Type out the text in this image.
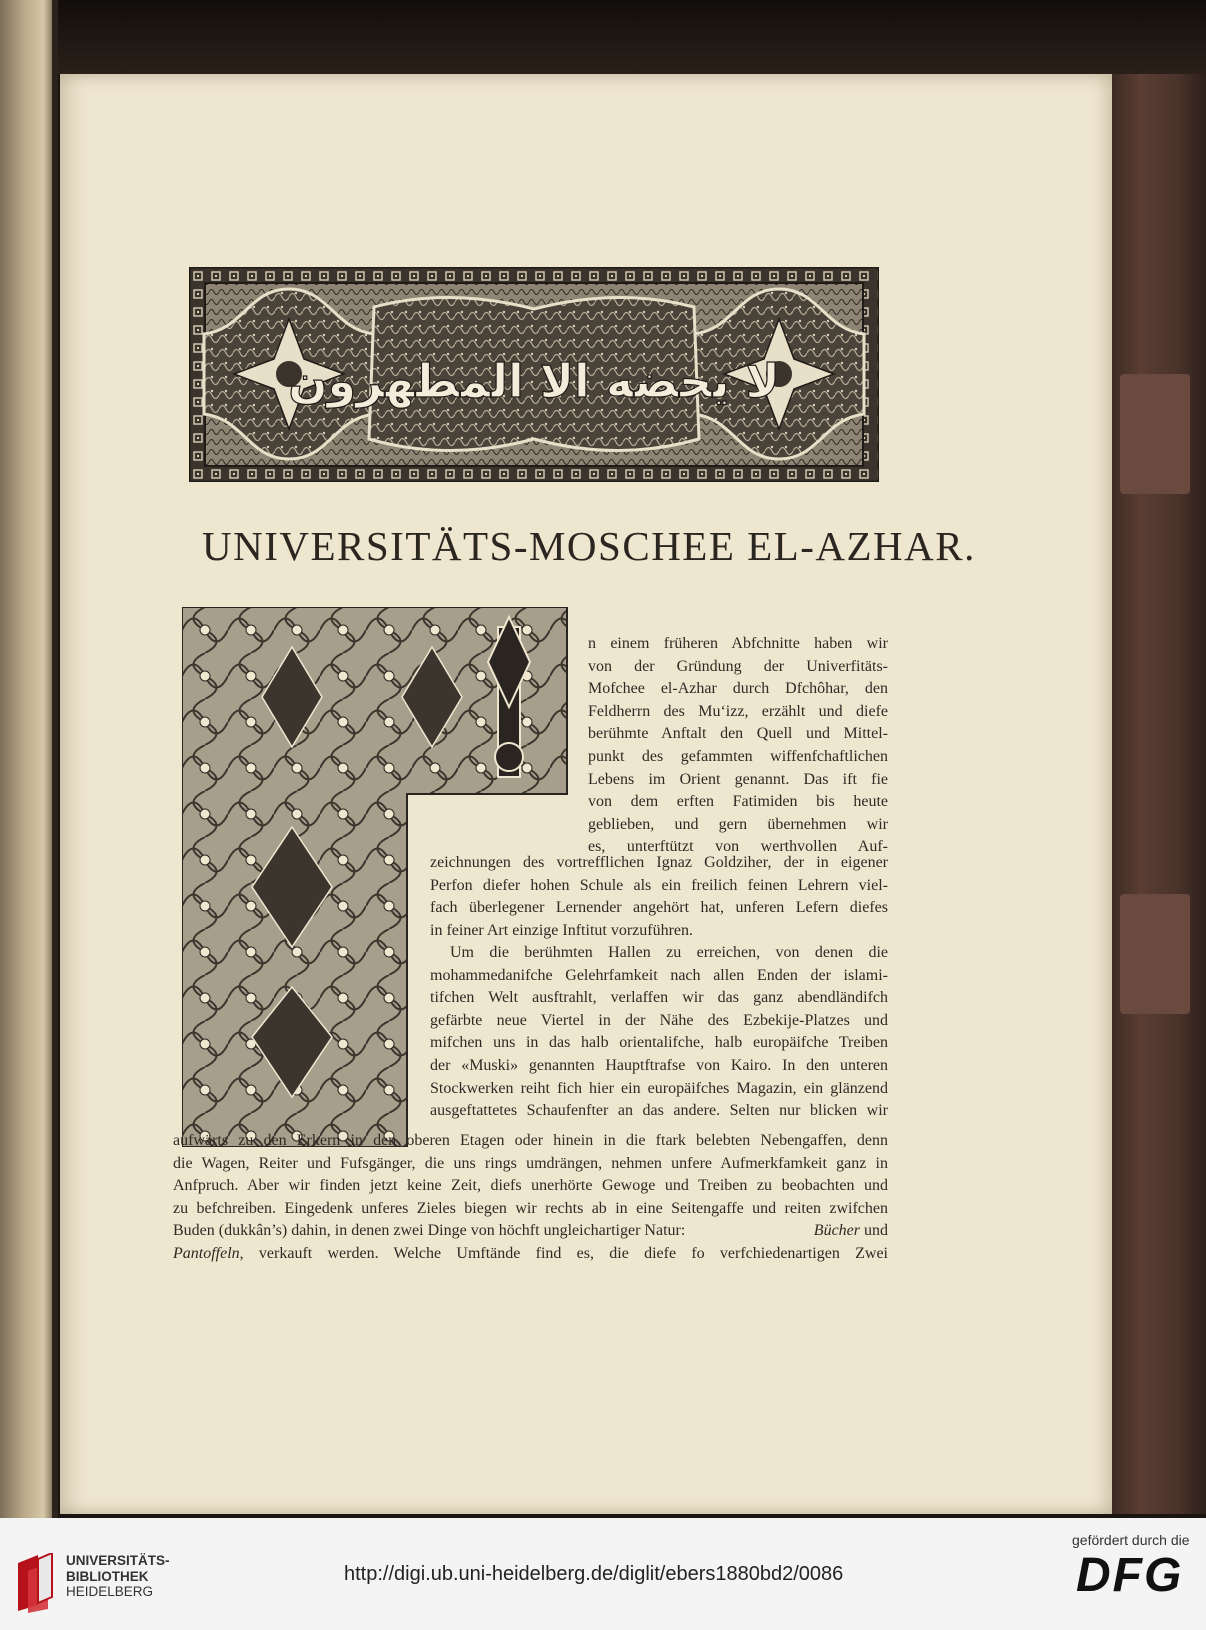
لا يحضه الا المطهرون
UNIVERSITÄTS-MOSCHEE EL-AZHAR.
n einem früheren Abfchnitte haben wir
von der Gründung der Univerfitäts-
Mofchee el-Azhar durch Dfchôhar, den
Feldherrn des Mu‘izz, erzählt und diefe
berühmte Anftalt den Quell und Mittel-
punkt des gefammten wiffenfchaftlichen
Lebens im Orient genannt. Das ift fie
von dem erften Fatimiden bis heute
geblieben, und gern übernehmen wir
es, unterftützt von werthvollen Auf-
zeichnungen des vortrefflichen Ignaz Goldziher, der in eigener
Perfon diefer hohen Schule als ein freilich feinen Lehrern viel-
fach überlegener Lernender angehört hat, unferen Lefern diefes
in feiner Art einzige Inftitut vorzuführen.
Um die berühmten Hallen zu erreichen, von denen die
mohammedanifche Gelehrfamkeit nach allen Enden der islami-
tifchen Welt ausftrahlt, verlaffen wir das ganz abendländifch
gefärbte neue Viertel in der Nähe des Ezbekije-Platzes und
mifchen uns in das halb orientalifche, halb europäifche Treiben
der «Muski» genannten Hauptftrafse von Kairo. In den unteren
Stockwerken reiht fich hier ein europäifches Magazin, ein glänzend
ausgeftattetes Schaufenfter an das andere. Selten nur blicken wir
aufwärts zu den Erkern in den oberen Etagen oder hinein in die ftark belebten Nebengaffen, denn
die Wagen, Reiter und Fufsgänger, die uns rings umdrängen, nehmen unfere Aufmerkfamkeit ganz in
Anfpruch. Aber wir finden jetzt keine Zeit, diefs unerhörte Gewoge und Treiben zu beobachten und
zu befchreiben. Eingedenk unferes Zieles biegen wir rechts ab in eine Seitengaffe und reiten zwifchen
Buden (dukkân’s) dahin, in denen zwei Dinge von höchft ungleichartiger Natur:	Bücher und
Pantoffeln , verkauft werden. Welche Umftände find es, die diefe fo verfchiedenartigen Zwei
UNIVERSITÄTS-
BIBLIOTHEK
HEIDELBERG
http://digi.ub.uni-heidelberg.de/diglit/ebers1880bd2/0086
gefördert durch die
DFG
